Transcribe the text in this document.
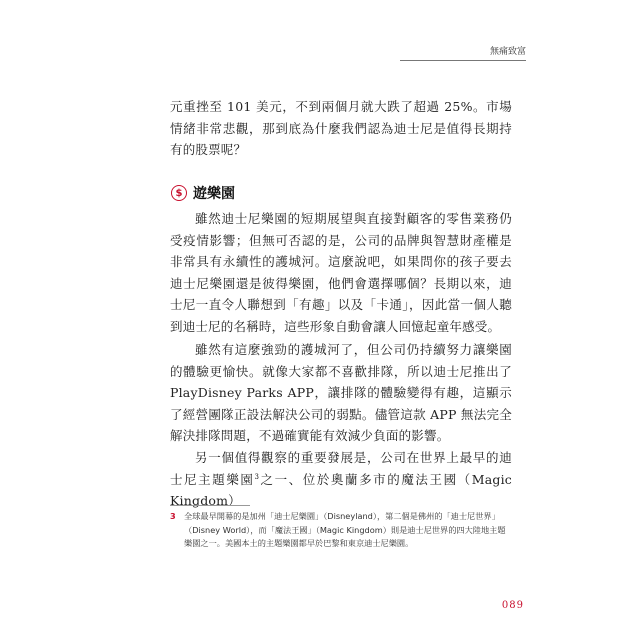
無痛致富

元重挫至 101 美元，不到兩個月就大跌了超過 25%。市場情緒非常悲觀，那到底為什麼我們認為迪士尼是值得長期持有的股票呢？

$ 遊樂園

雖然迪士尼樂園的短期展望與直接對顧客的零售業務仍受疫情影響；但無可否認的是，公司的品牌與智慧財產權是非常具有永續性的護城河。這麼說吧，如果問你的孩子要去迪士尼樂園還是彼得樂園，他們會選擇哪個？長期以來，迪士尼一直令人聯想到「有趣」以及「卡通」，因此當一個人聽到迪士尼的名稱時，這些形象自動會讓人回憶起童年感受。

雖然有這麼強勁的護城河了，但公司仍持續努力讓樂園的體驗更愉快。就像大家都不喜歡排隊，所以迪士尼推出了 PlayDisney Parks APP，讓排隊的體驗變得有趣，這顯示了經營團隊正設法解決公司的弱點。儘管這款 APP 無法完全解決排隊問題，不過確實能有效減少負面的影響。

另一個值得觀察的重要發展是，公司在世界上最早的迪士尼主題樂園$^3$之一、位於奧蘭多市的魔法王國（Magic Kingdom）

3	全球最早開幕的是加州「迪士尼樂園」（Disneyland），第二個是佛州的「迪士尼世界」（Disney World），而「魔法王國」（Magic Kingdom）則是迪士尼世界的四大陸地主題樂園之一。美國本土的主題樂園都早於巴黎和東京迪士尼樂園。
089
